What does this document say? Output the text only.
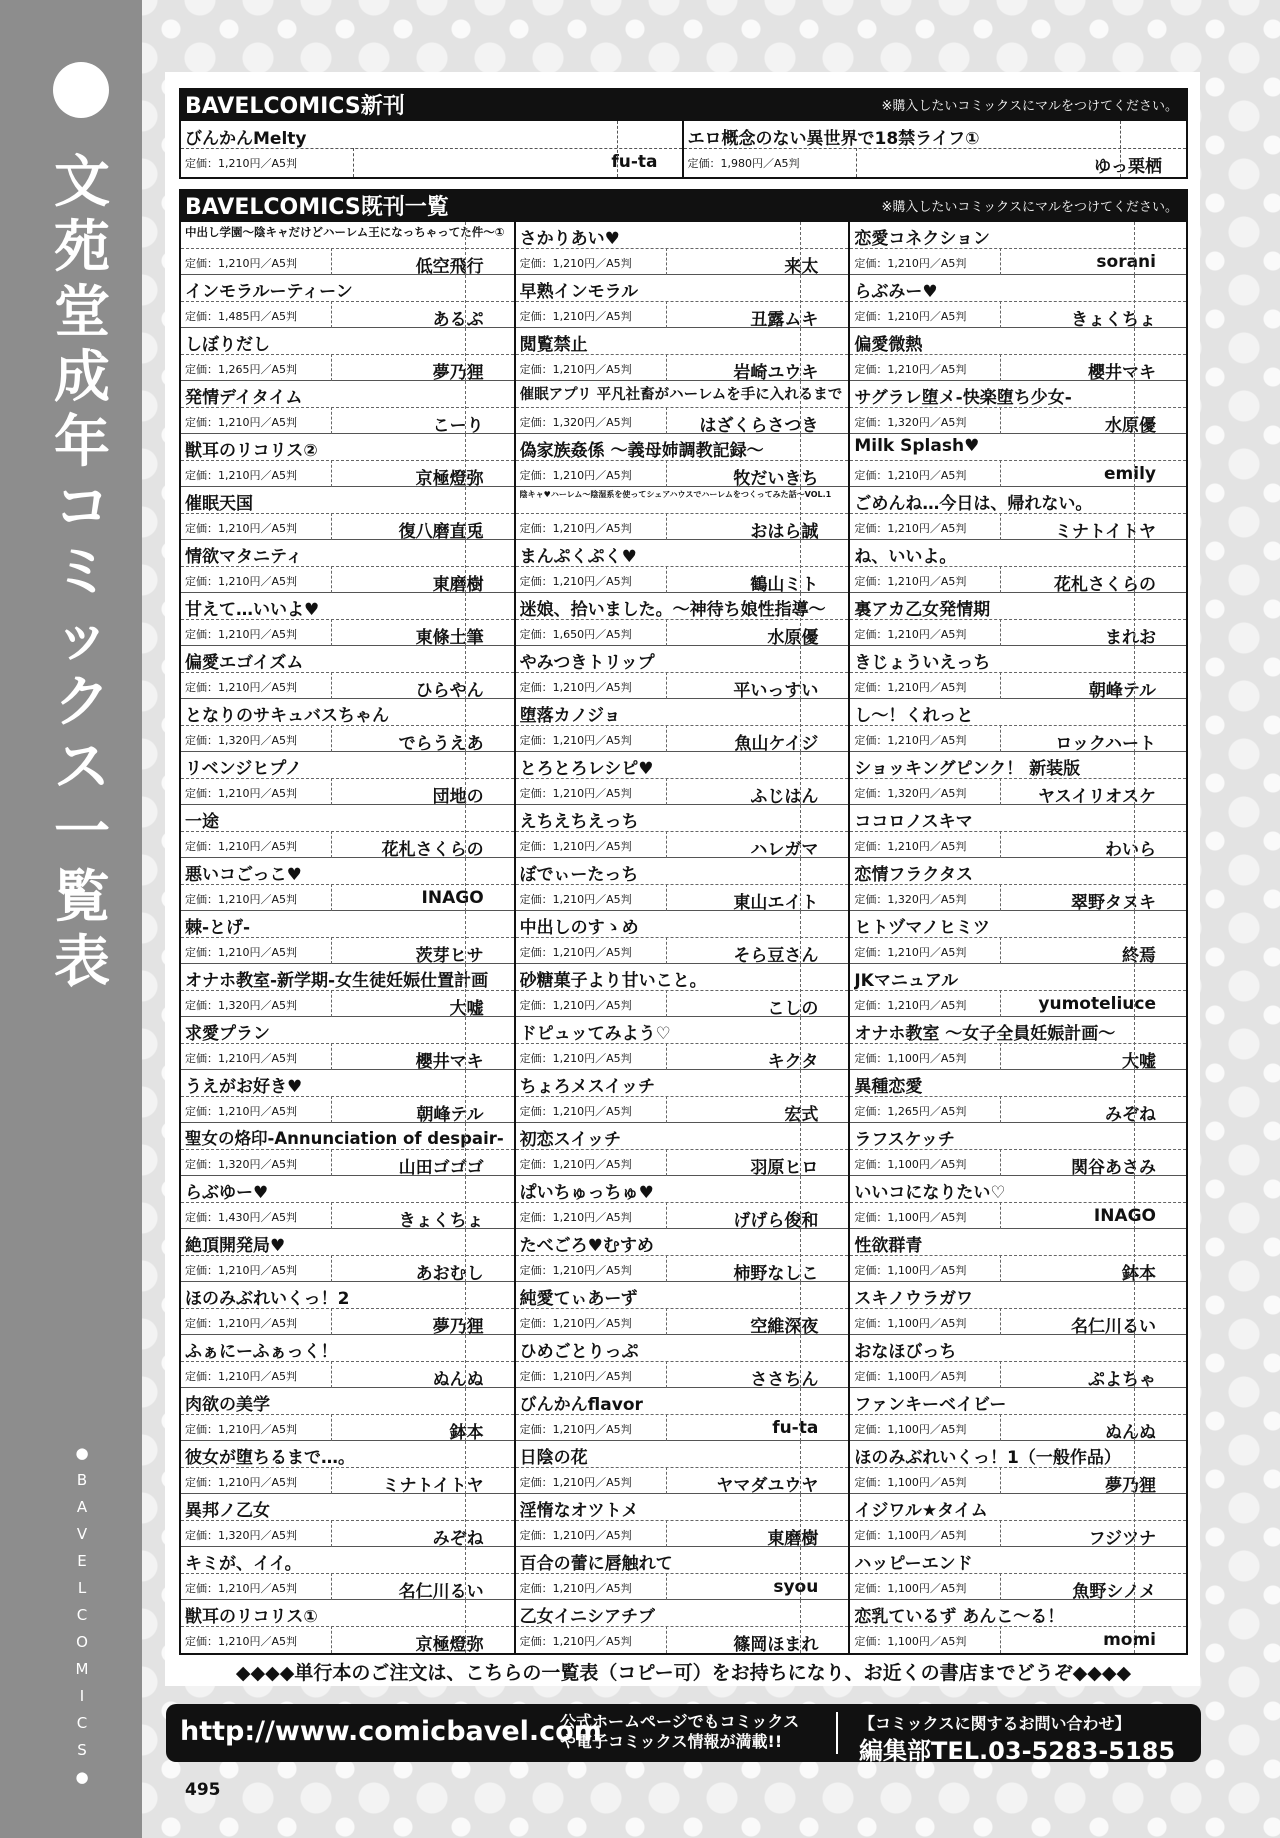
文
苑
堂
成
年
コ
ミ
ッ
ク
ス
一
覧
表
●
B
A
V
E
L
C
O
M
I
C
S
●
BAVELCOMICS新刊	※購入したいコミックスにマルをつけてください。
びんかんMelty
定価：1,210円／A5判	fu-ta
エロ概念のない異世界で18禁ライフ①
定価：1,980円／A5判	ゆっ栗栖
BAVELCOMICS既刊一覧	※購入したいコミックスにマルをつけてください。
中出し学園～陰キャだけどハーレム王になっちゃってた件～①
定価：1,210円／A5判	低空飛行
インモラルーティーン
定価：1,485円／A5判	あるぷ
しぼりだし
定価：1,265円／A5判	夢乃狸
発情デイタイム
定価：1,210円／A5判	こーり
獣耳のリコリス②
定価：1,210円／A5判	京極燈弥
催眠天国
定価：1,210円／A5判	復八磨直兎
情欲マタニティ
定価：1,210円／A5判	東磨樹
甘えて…いいよ♥
定価：1,210円／A5判	東條土筆
偏愛エゴイズム
定価：1,210円／A5判	ひらやん
となりのサキュバスちゃん
定価：1,320円／A5判	でらうえあ
リベンジヒプノ
定価：1,210円／A5判	団地の
一途
定価：1,210円／A5判	花札さくらの
悪いコごっこ♥
定価：1,210円／A5判	INAGO
棘-とげ-
定価：1,210円／A5判	茨芽ヒサ
オナホ教室-新学期-女生徒妊娠仕置計画
定価：1,320円／A5判	大嘘
求愛プラン
定価：1,210円／A5判	櫻井マキ
うえがお好き♥
定価：1,210円／A5判	朝峰テル
聖女の烙印-Annunciation of despair-
定価：1,320円／A5判	山田ゴゴゴ
らぶゆー♥
定価：1,430円／A5判	きょくちょ
絶頂開発局♥
定価：1,210円／A5判	あおむし
ほのみぶれいくっ！2
定価：1,210円／A5判	夢乃狸
ふぁにーふぁっく！
定価：1,210円／A5判	ぬんぬ
肉欲の美学
定価：1,210円／A5判	鉢本
彼女が堕ちるまで…。
定価：1,210円／A5判	ミナトイトヤ
異邦ノ乙女
定価：1,320円／A5判	みぞね
キミが、イイ。
定価：1,210円／A5判	名仁川るい
獣耳のリコリス①
定価：1,210円／A5判	京極燈弥
さかりあい♥
定価：1,210円／A5判	来太
早熟インモラル
定価：1,210円／A5判	丑露ムキ
閲覧禁止
定価：1,210円／A5判	岩崎ユウキ
催眠アプリ 平凡社畜がハーレムを手に入れるまで
定価：1,320円／A5判	はざくらさつき
偽家族姦係 ～義母姉調教記録～
定価：1,210円／A5判	牧だいきち
陰キャ♥ハーレム～陰湿系を使ってシェアハウスでハーレムをつくってみた話～VOL.1
定価：1,210円／A5判	おはら誠
まんぷくぷく♥
定価：1,210円／A5判	鶴山ミト
迷娘、拾いました。～神待ち娘性指導～
定価：1,650円／A5判	水原優
やみつきトリップ
定価：1,210円／A5判	平いっすい
堕落カノジョ
定価：1,210円／A5判	魚山ケイジ
とろとろレシピ♥
定価：1,210円／A5判	ふじはん
えちえちえっち
定価：1,210円／A5判	ハレガマ
ぼでぃーたっち
定価：1,210円／A5判	東山エイト
中出しのすゝめ
定価：1,210円／A5判	そら豆さん
砂糖菓子より甘いこと。
定価：1,210円／A5判	こしの
ドピュッてみよう♡
定価：1,210円／A5判	キクタ
ちょろメスイッチ
定価：1,210円／A5判	宏式
初恋スイッチ
定価：1,210円／A5判	羽原ヒロ
ぱいちゅっちゅ♥
定価：1,210円／A5判	げげら俊和
たべごろ♥むすめ
定価：1,210円／A5判	柿野なしこ
純愛てぃあーず
定価：1,210円／A5判	空維深夜
ひめごとりっぷ
定価：1,210円／A5判	ささちん
びんかんflavor
定価：1,210円／A5判	fu-ta
日陰の花
定価：1,210円／A5判	ヤマダユウヤ
淫惰なオツトメ
定価：1,210円／A5判	東磨樹
百合の蕾に唇触れて
定価：1,210円／A5判	syou
乙女イニシアチブ
定価：1,210円／A5判	篠岡ほまれ
恋愛コネクション
定価：1,210円／A5判	sorani
らぶみー♥
定価：1,210円／A5判	きょくちょ
偏愛微熱
定価：1,210円／A5判	櫻井マキ
サグラレ堕メ-快楽堕ち少女-
定価：1,320円／A5判	水原優
Milk Splash♥
定価：1,210円／A5判	emily
ごめんね…今日は、帰れない。
定価：1,210円／A5判	ミナトイトヤ
ね、いいよ。
定価：1,210円／A5判	花札さくらの
裏アカ乙女発情期
定価：1,210円／A5判	まれお
きじょういえっち
定価：1,210円／A5判	朝峰テル
し～！くれっと
定価：1,210円／A5判	ロックハート
ショッキングピンク！ 新装版
定価：1,320円／A5判	ヤスイリオスケ
ココロノスキマ
定価：1,210円／A5判	わいら
恋情フラクタス
定価：1,320円／A5判	翠野タヌキ
ヒトヅマノヒミツ
定価：1,210円／A5判	終焉
JKマニュアル
定価：1,210円／A5判	yumoteliuce
オナホ教室 ～女子全員妊娠計画～
定価：1,100円／A5判	大嘘
異種恋愛
定価：1,265円／A5判	みぞね
ラフスケッチ
定価：1,100円／A5判	関谷あさみ
いいコになりたい♡
定価：1,100円／A5判	INAGO
性欲群青
定価：1,100円／A5判	鉢本
スキノウラガワ
定価：1,100円／A5判	名仁川るい
おなほびっち
定価：1,100円／A5判	ぷよちゃ
ファンキーベイビー
定価：1,100円／A5判	ぬんぬ
ほのみぶれいくっ！1（一般作品）
定価：1,100円／A5判	夢乃狸
イジワル★タイム
定価：1,100円／A5判	フジツナ
ハッピーエンド
定価：1,100円／A5判	魚野シノメ
恋乳ているず あんこ～る！
定価：1,100円／A5判	momi
◆◆◆◆単行本のご注文は、こちらの一覧表（コピー可）をお持ちになり、お近くの書店までどうぞ◆◆◆◆
http://www.comicbavel.com
公式ホームページでもコミックス
や電子コミックス情報が満載!!
【コミックスに関するお問い合わせ】
編集部TEL.03-5283-5185
495
